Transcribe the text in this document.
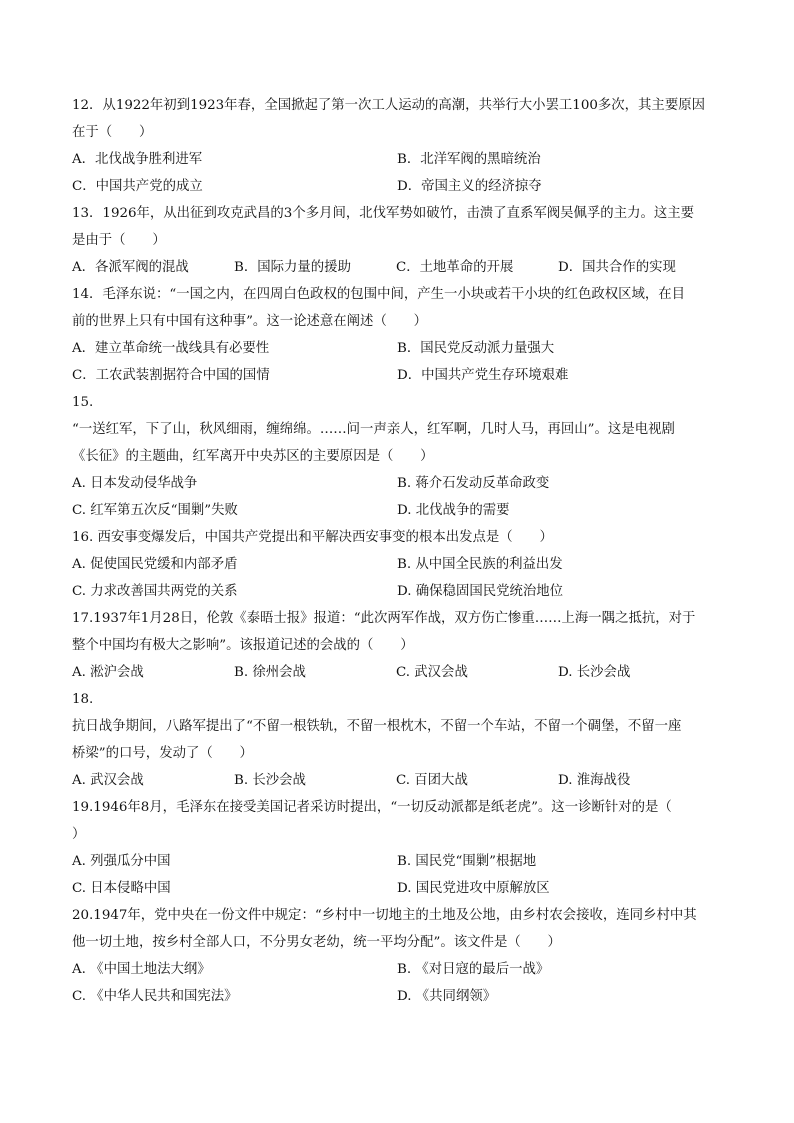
12．从1922年初到1923年春，全国掀起了第一次工人运动的高潮，共举行大小罢工100多次，其主要原因
在于（　　）
A．北伐战争胜利进军	B．北洋军阀的黑暗统治
C．中国共产党的成立	D．帝国主义的经济掠夺
13．1926年，从出征到攻克武昌的3个多月间，北伐军势如破竹，击溃了直系军阀吴佩孚的主力。这主要
是由于（　　）
A．各派军阀的混战	B．国际力量的援助	C．土地革命的开展	D．国共合作的实现
14．毛泽东说：“一国之内，在四周白色政权的包围中间，产生一小块或若干小块的红色政权区域，在目
前的世界上只有中国有这种事”。这一论述意在阐述（　　）
A．建立革命统一战线具有必要性	B．国民党反动派力量强大
C．工农武装割据符合中国的国情	D．中国共产党生存环境艰难
15.
“一送红军，下了山，秋风细雨，缠绵绵。……问一声亲人，红军啊，几时人马，再回山”。这是电视剧
《长征》的主题曲，红军离开中央苏区的主要原因是（　　）
A. 日本发动侵华战争	B. 蒋介石发动反革命政变
C. 红军第五次反“围剿”失败	D. 北伐战争的需要
16. 西安事变爆发后，中国共产党提出和平解决西安事变的根本出发点是（　　）
A. 促使国民党缓和内部矛盾	B. 从中国全民族的利益出发
C. 力求改善国共两党的关系	D. 确保稳固国民党统治地位
17.1937年1月28日，伦敦《泰晤士报》报道：“此次两军作战，双方伤亡惨重……上海一隅之抵抗，对于
整个中国均有极大之影响”。该报道记述的会战的（　　）
A. 淞沪会战	B. 徐州会战	C. 武汉会战	D. 长沙会战
18.
抗日战争期间，八路军提出了“不留一根铁轨，不留一根枕木，不留一个车站，不留一个碉堡，不留一座
桥梁”的口号，发动了（　　）
A. 武汉会战	B. 长沙会战	C. 百团大战	D. 淮海战役
19.1946年8月，毛泽东在接受美国记者采访时提出，“一切反动派都是纸老虎”。这一诊断针对的是（
）
A. 列强瓜分中国	B. 国民党“围剿”根据地
C. 日本侵略中国	D. 国民党进攻中原解放区
20.1947年，党中央在一份文件中规定：“乡村中一切地主的土地及公地，由乡村农会接收，连同乡村中其
他一切土地，按乡村全部人口，不分男女老幼，统一平均分配”。该文件是（　　）
A. 《中国土地法大纲》	B. 《对日寇的最后一战》
C. 《中华人民共和国宪法》	D. 《共同纲领》
